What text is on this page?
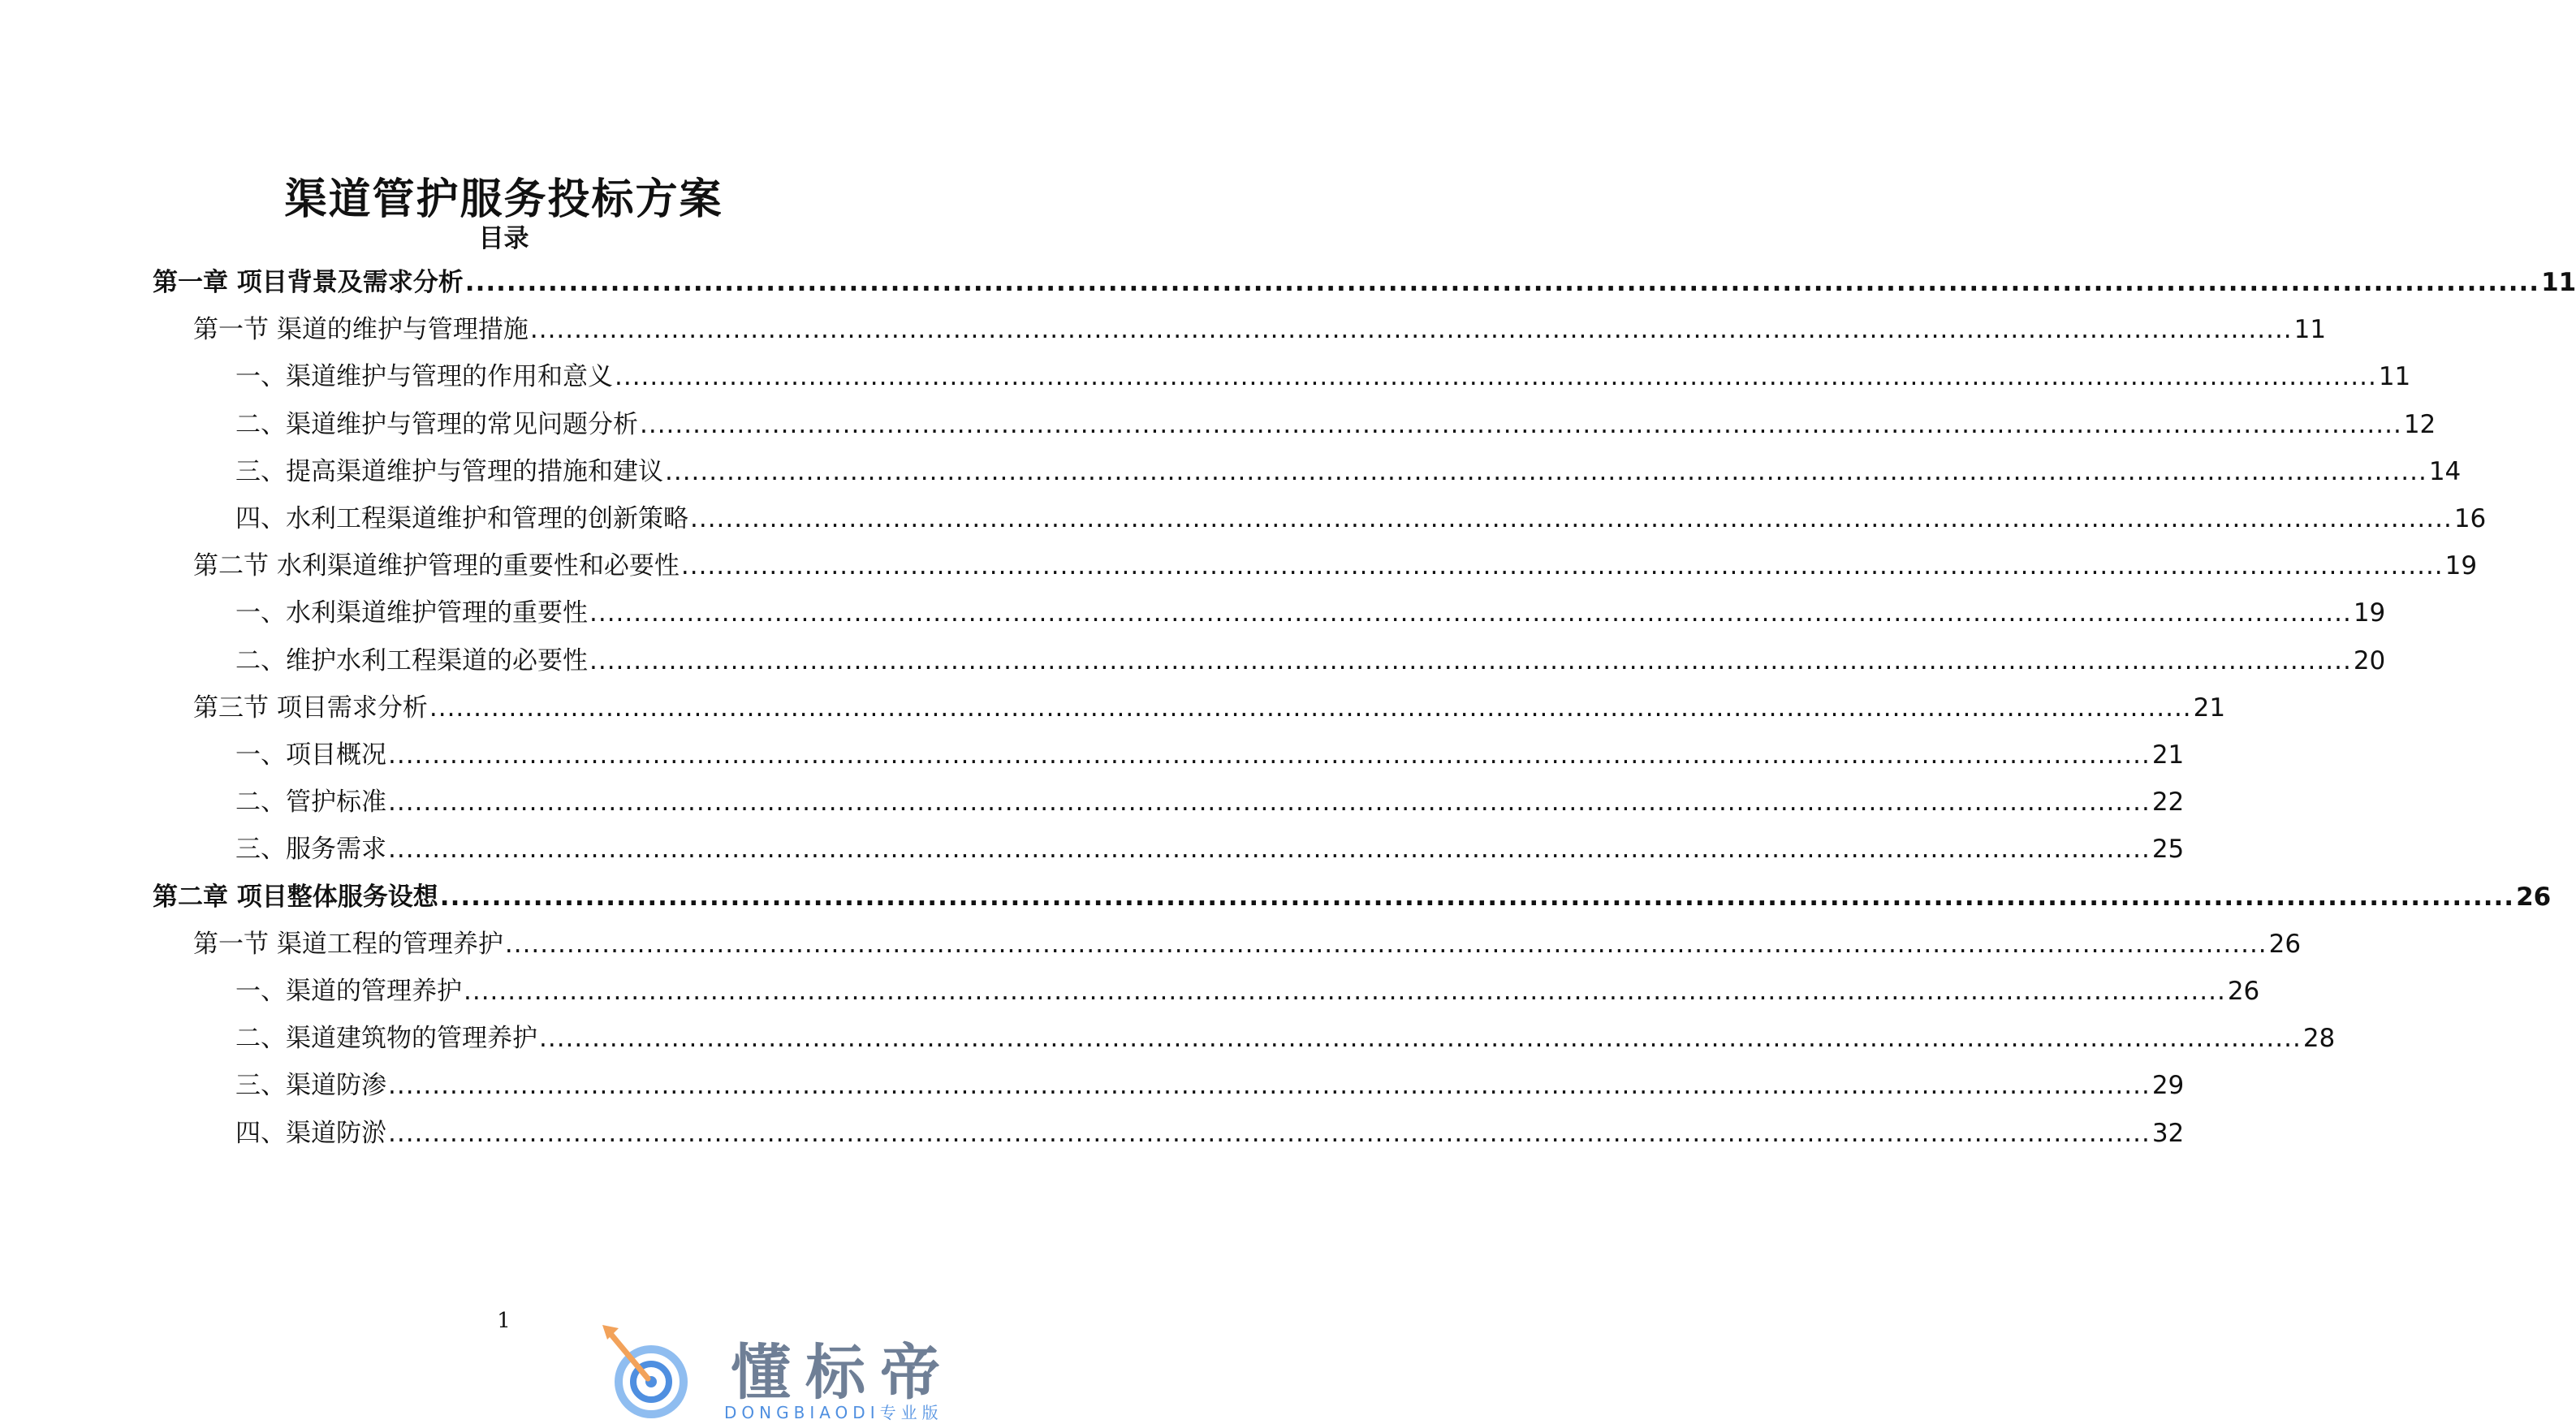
渠道管护服务投标方案
目录
第一章 项目背景及需求分析 ........................................................................................................................................................................................................ 11
第一节 渠道的维护与管理措施 ........................................................................................................................................................................................................ 11
一、渠道维护与管理的作用和意义 ........................................................................................................................................................................................................ 11
二、渠道维护与管理的常见问题分析 ........................................................................................................................................................................................................ 12
三、提高渠道维护与管理的措施和建议 ........................................................................................................................................................................................................ 14
四、水利工程渠道维护和管理的创新策略 ........................................................................................................................................................................................................ 16
第二节 水利渠道维护管理的重要性和必要性 ........................................................................................................................................................................................................ 19
一、水利渠道维护管理的重要性 ........................................................................................................................................................................................................ 19
二、维护水利工程渠道的必要性 ........................................................................................................................................................................................................ 20
第三节 项目需求分析 ........................................................................................................................................................................................................ 21
一、项目概况 ........................................................................................................................................................................................................ 21
二、管护标准 ........................................................................................................................................................................................................ 22
三、服务需求 ........................................................................................................................................................................................................ 25
第二章 项目整体服务设想 ........................................................................................................................................................................................................ 26
第一节 渠道工程的管理养护 ........................................................................................................................................................................................................ 26
一、渠道的管理养护 ........................................................................................................................................................................................................ 26
二、渠道建筑物的管理养护 ........................................................................................................................................................................................................ 28
三、渠道防渗 ........................................................................................................................................................................................................ 29
四、渠道防淤 ........................................................................................................................................................................................................ 32
1
懂标帝
DONGBIAODI专业版
